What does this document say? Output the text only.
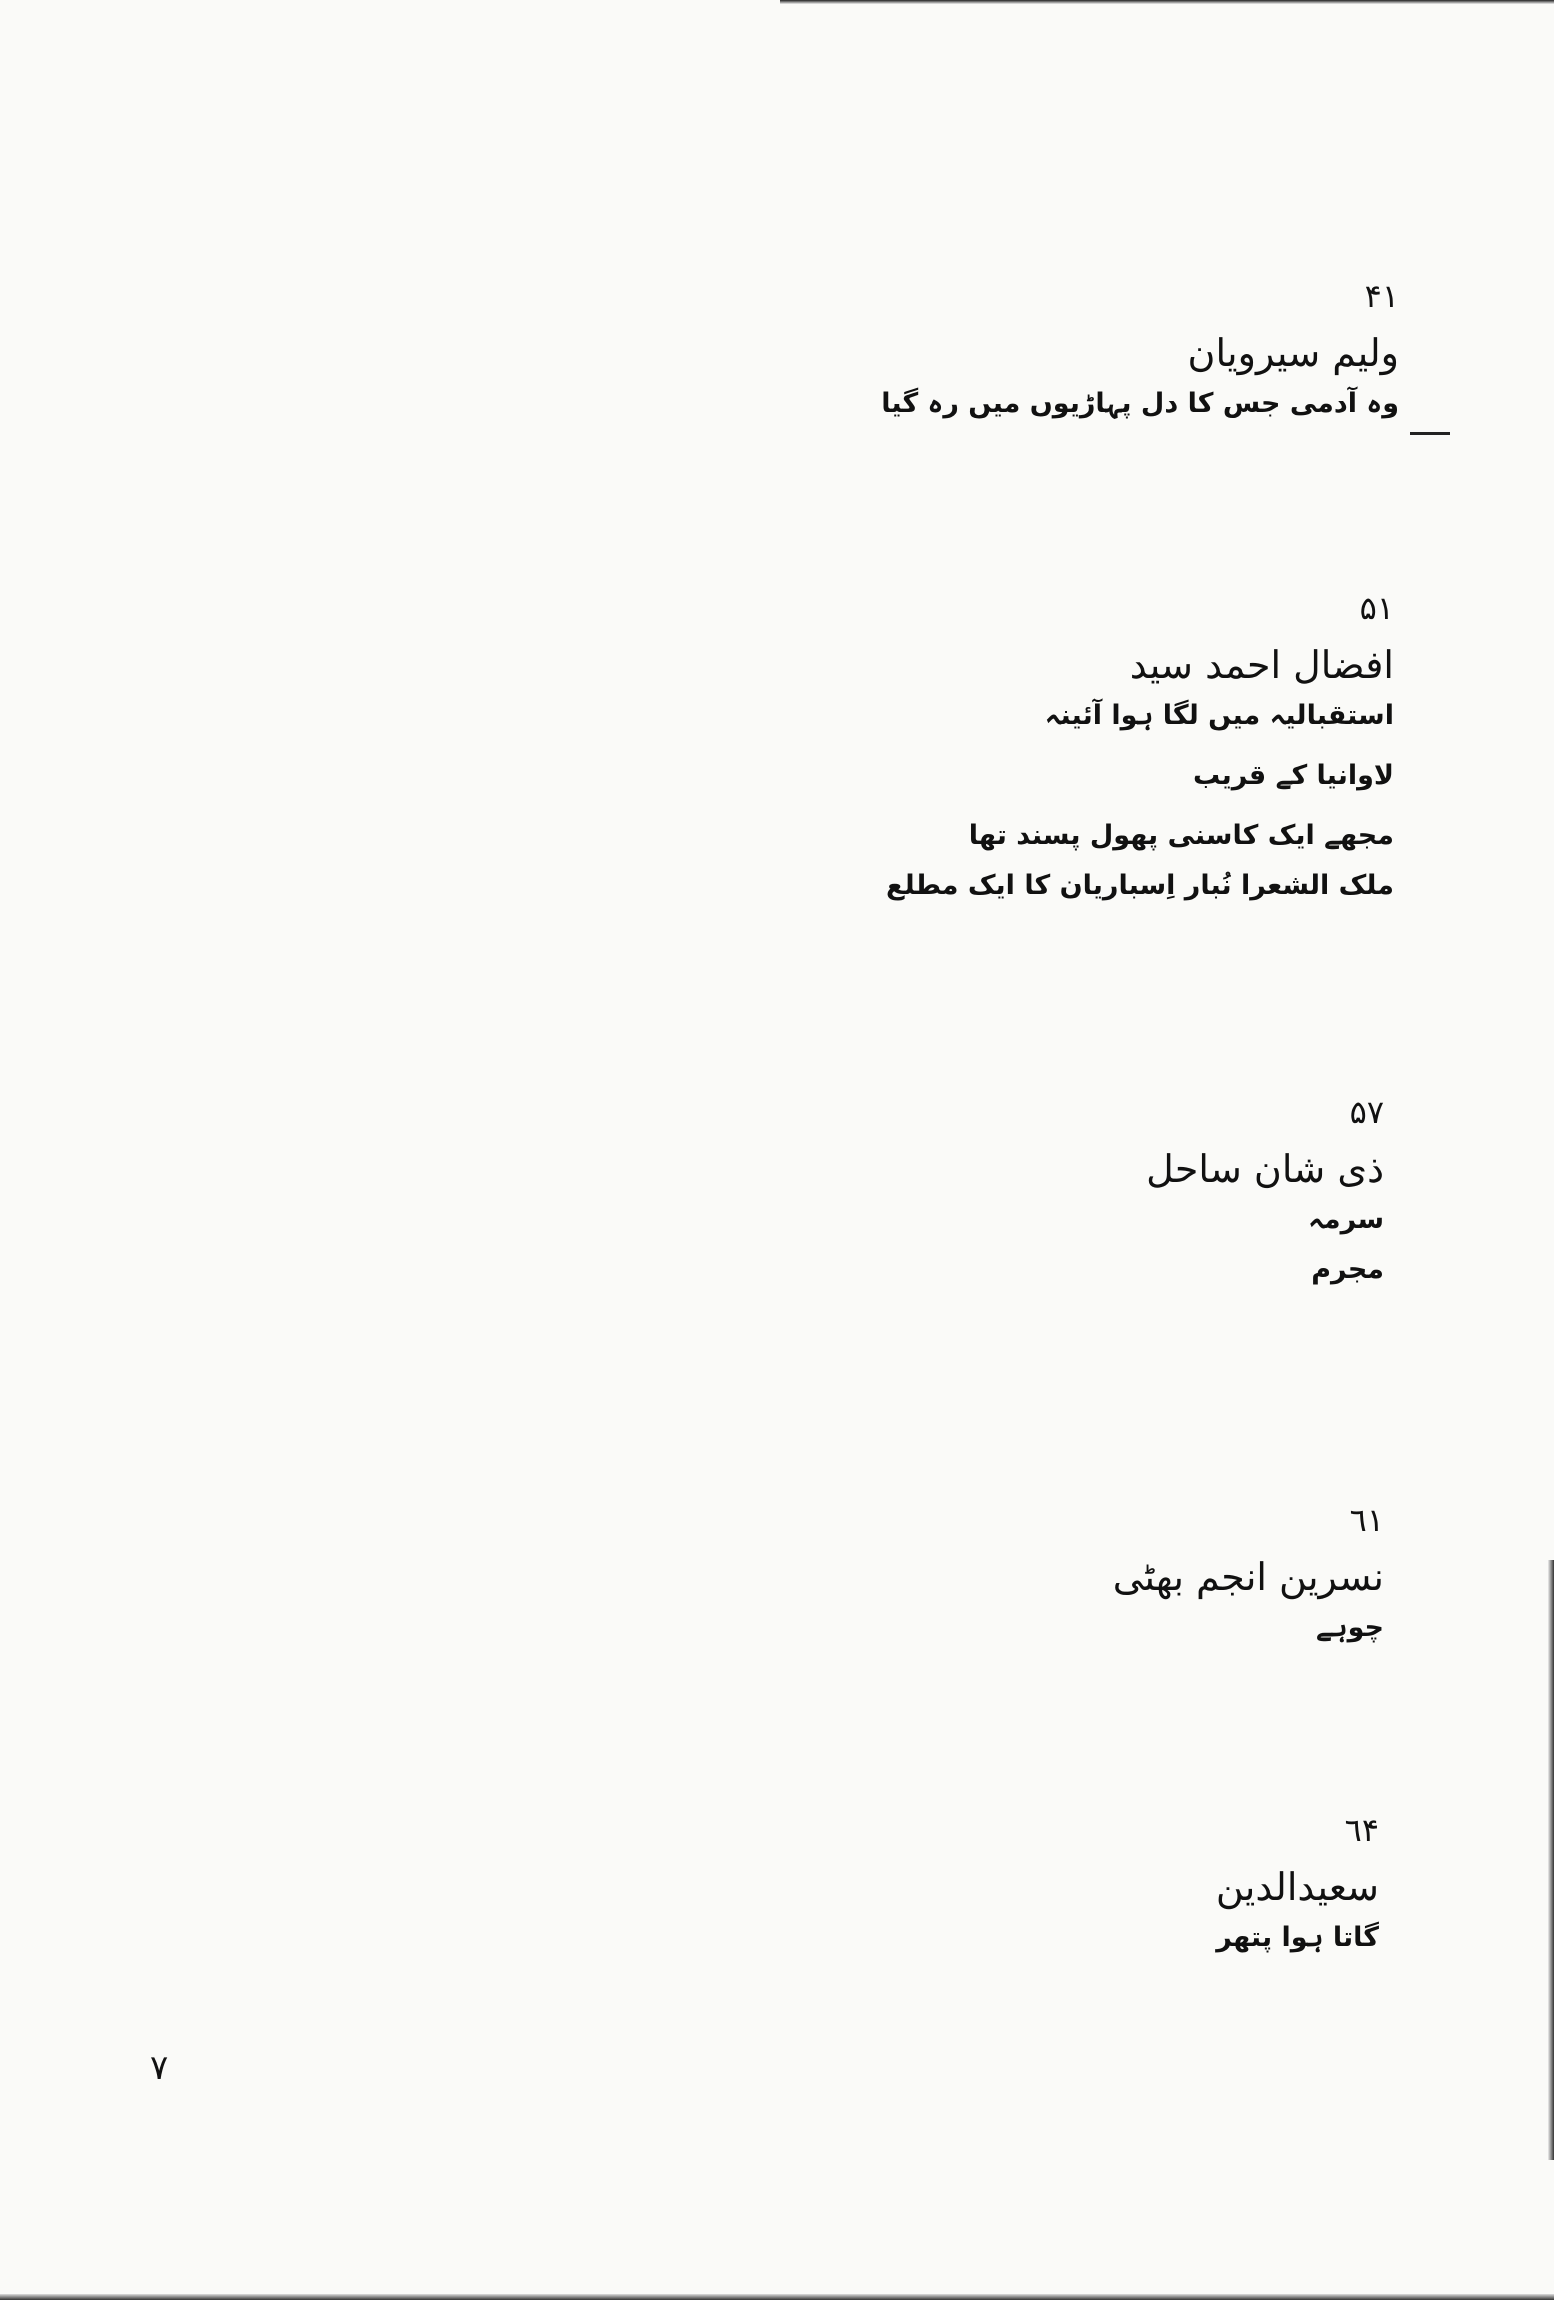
۴۱

ولیم سیرویان

وہ آدمی جس کا دل پہاڑیوں میں رہ گیا

۵۱

افضال احمد سید

استقبالیہ میں لگا ہوا آئینہ

لاوانیا کے قریب

مجھے ایک کاسنی پھول پسند تھا

ملک الشعرا نُبار اِسباریان کا ایک مطلع

۵۷

ذی شان ساحل

سرمہ

مجرم

٦١

نسرین انجم بھٹی

چوہے

٦۴

سعیدالدین

گاتا ہوا پتھر

۷
